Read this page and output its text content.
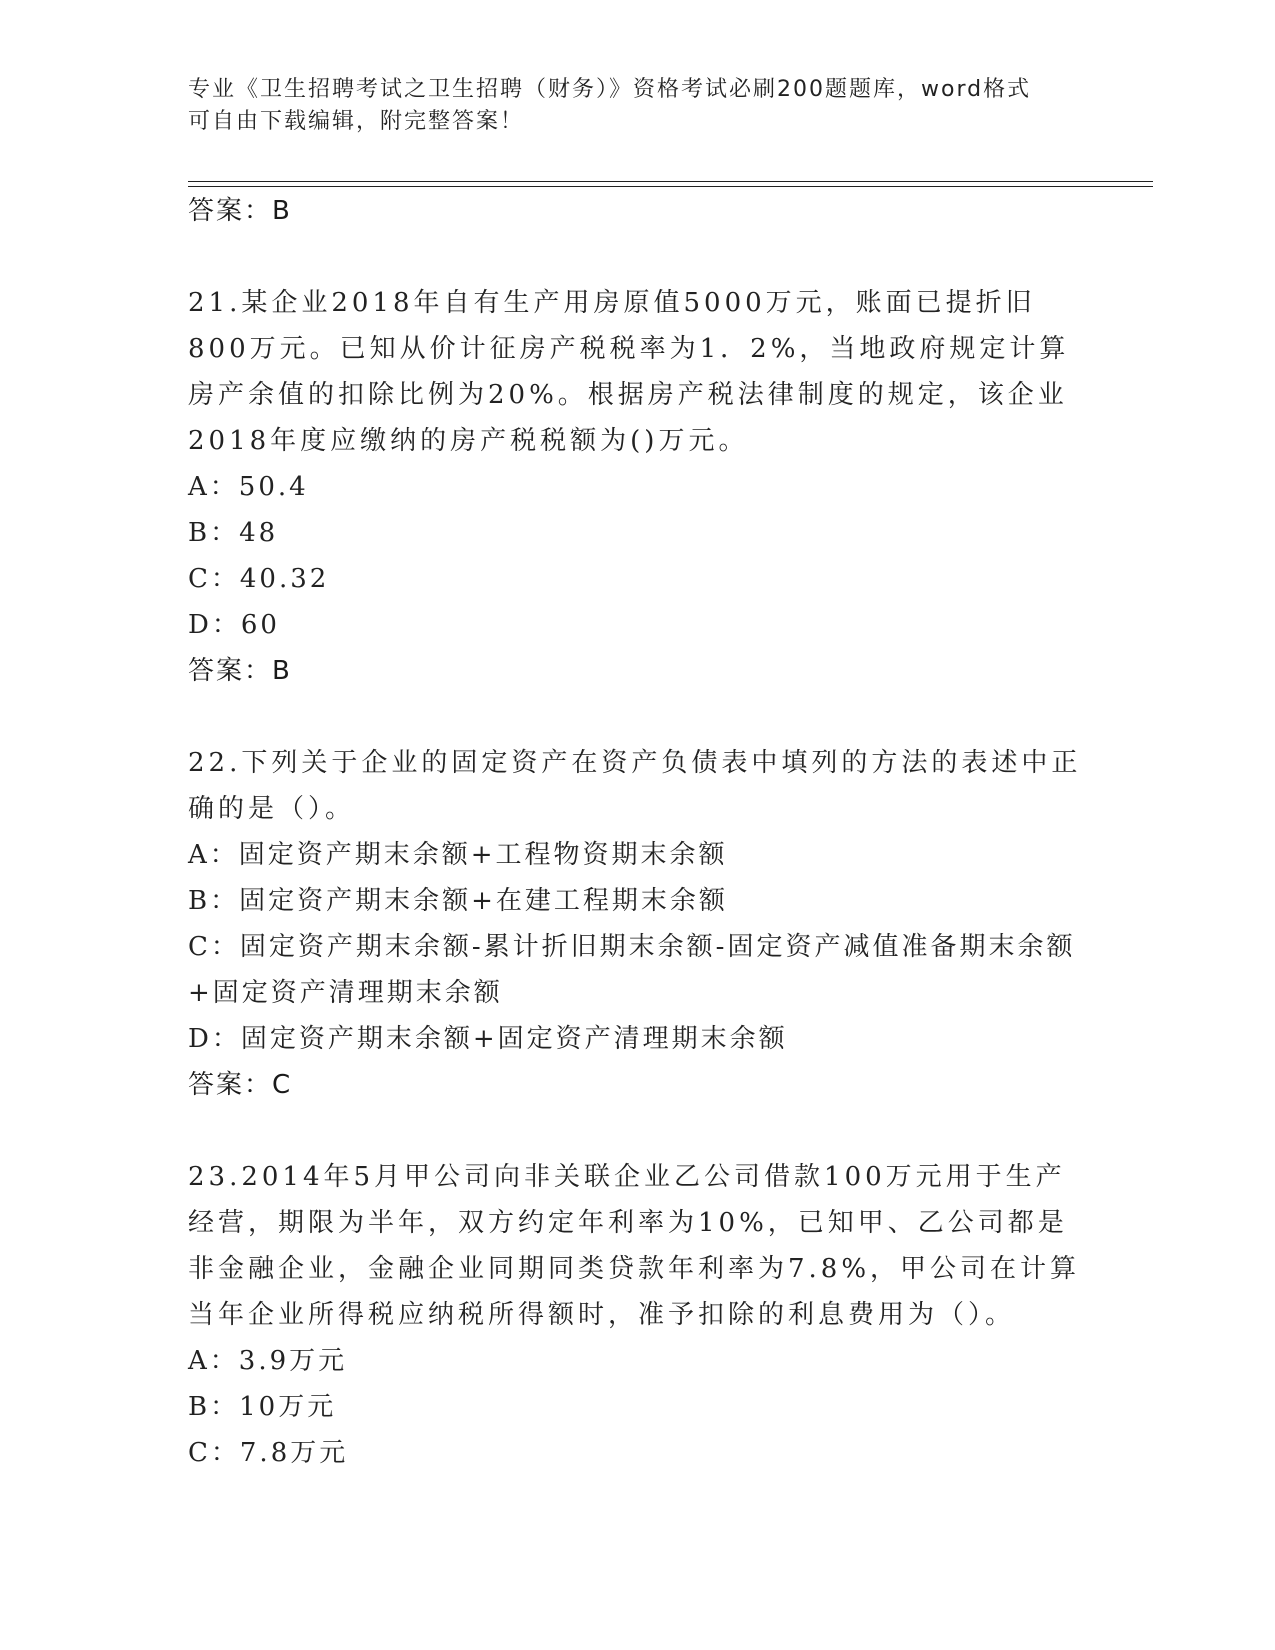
专业《卫生招聘考试之卫生招聘（财务）》资格考试必刷200题题库，word格式
可自由下载编辑，附完整答案！
答案：B
21.某企业2018年自有生产用房原值5000万元，账面已提折旧800万元。已知从价计征房产税税率为1．2%，当地政府规定计算房产余值的扣除比例为20%。根据房产税法律制度的规定，该企业2018年度应缴纳的房产税税额为()万元。
A：50.4
B：48
C：40.32
D：60
答案：B
22.下列关于企业的固定资产在资产负债表中填列的方法的表述中正确的是（）。
A：固定资产期末余额+工程物资期末余额
B：固定资产期末余额+在建工程期末余额
C：固定资产期末余额-累计折旧期末余额-固定资产减值准备期末余额+固定资产清理期末余额
D：固定资产期末余额+固定资产清理期末余额
答案：C
23.2014年5月甲公司向非关联企业乙公司借款100万元用于生产经营，期限为半年，双方约定年利率为10%，已知甲、乙公司都是非金融企业，金融企业同期同类贷款年利率为7.8%，甲公司在计算当年企业所得税应纳税所得额时，准予扣除的利息费用为（）。
A：3.9万元
B：10万元
C：7.8万元
